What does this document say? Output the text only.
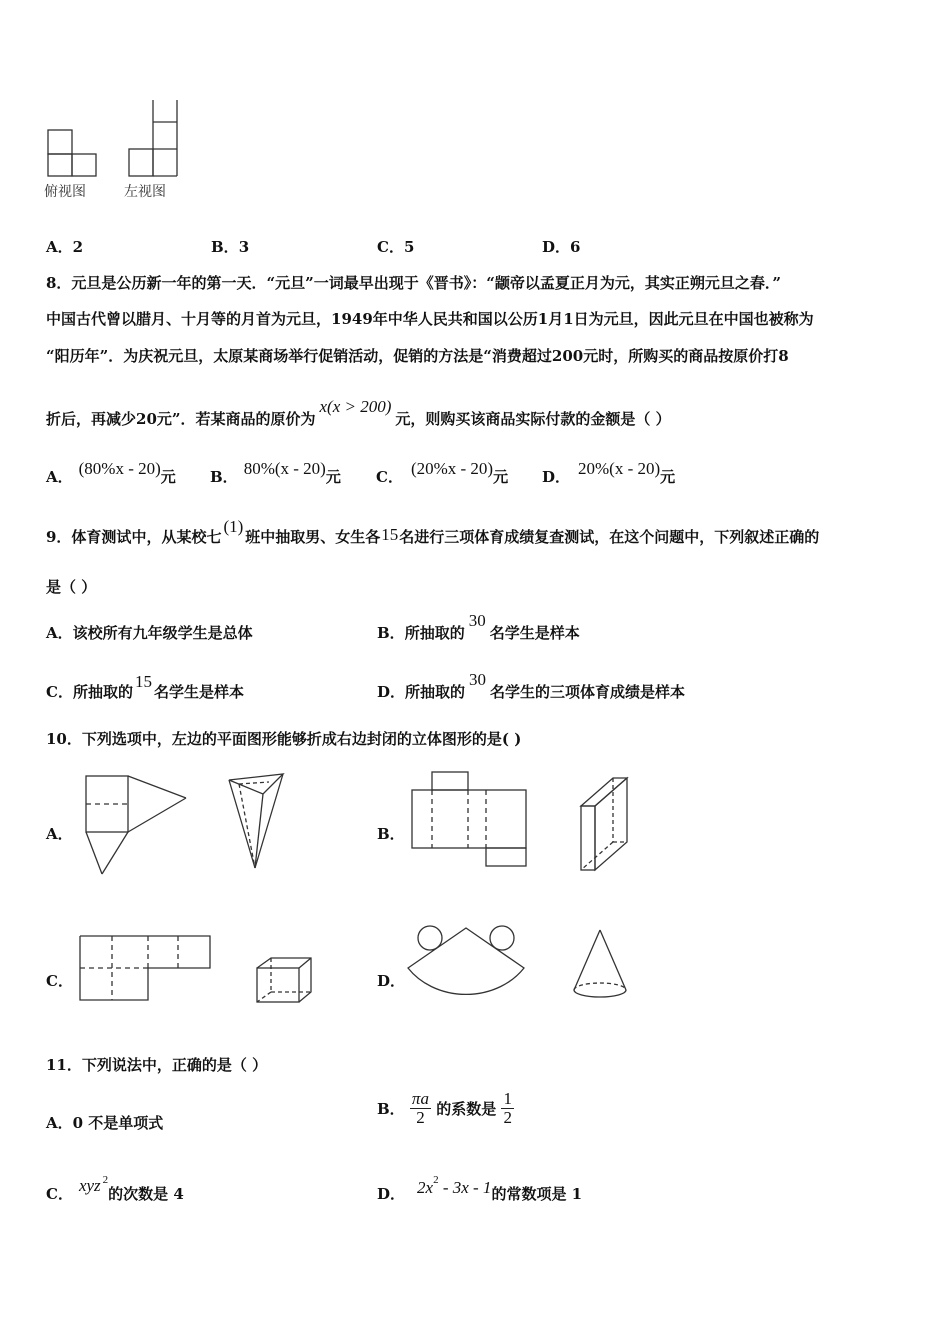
俯视图	左视图
A．2	B．3	C．5	D．6
8．元旦是公历新一年的第一天．“元旦”一词最早出现于《晋书》：“颛帝以孟夏正月为元，其实正朔元旦之春．”
中国古代曾以腊月、十月等的月首为元旦，1949年中华人民共和国以公历1月1日为元旦，因此元旦在中国也被称为
“阳历年”．为庆祝元旦，太原某商场举行促销活动，促销的方法是“消费超过200元时，所购买的商品按原价打8
折后，再减少20元”．若某商品的原价为x(x > 200)元，则购买该商品实际付款的金额是（ ）
A． (80%x - 20)元 B． 80%(x - 20)元 C． (20%x - 20)元 D． 20%(x - 20)元
9．体育测试中，从某校七(1)班中抽取男、女生各15名进行三项体育成绩复查测试，在这个问题中，下列叙述正确的
是（ ）
A．该校所有九年级学生是总体	B．所抽取的30名学生是样本
C．所抽取的15名学生是样本	D．所抽取的30名学生的三项体育成绩是样本
10．下列选项中，左边的平面图形能够折成右边封闭的立体图形的是( )
A．	B．
C．	D．
11．下列说法中，正确的是（ ）
A．0 不是单项式
B． $\frac{\pi a}{2}$ 的系数是 $\frac{1}{2}$
C． xyz $^2$的次数是 4	D． $2x^2 - 3x - 1$的常数项是 1
